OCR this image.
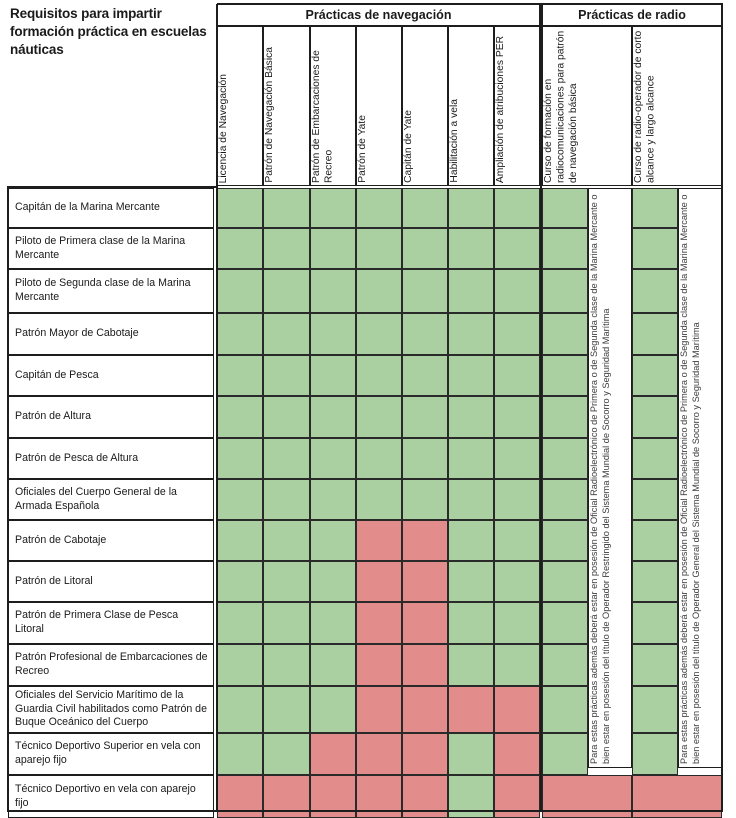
Requisitos para impartir formación práctica en escuelas náuticas
Prácticas de navegación	Prácticas de radio
Licencia de Navegación	Patrón de Navegación Básica	Patrón de Embarcaciones de Recreo	Patrón de Yate	Capitán de Yate	Habilitación a vela	Ampliación de atribuciones PER	Curso de formación en radiocomunicaciones para patrón de navegación básica	Curso de radio-operador de corto alcance y largo alcance
Capitán de la Marina Mercante
Piloto de Primera clase de la Marina Mercante
Piloto de Segunda clase de la Marina Mercante
Patrón Mayor de Cabotaje
Capitán de Pesca
Patrón de Altura
Patrón de Pesca de Altura
Oficiales del Cuerpo General de la Armada Española
Patrón de Cabotaje
Patrón de Litoral
Patrón de Primera Clase de Pesca Litoral
Patrón Profesional de Embarcaciones de Recreo
Oficiales del Servicio Marítimo de la Guardia Civil habilitados como Patrón de Buque Oceánico del Cuerpo
Técnico Deportivo Superior en vela con aparejo fijo
Técnico Deportivo en vela con aparejo fijo
Para estas prácticas además deberá estar en posesión de Oficial Radioelectrónico de Primera o de Segunda clase de la Marina Mercante o bien estar en posesión del título de Operador Restringido del Sistema Mundial de Socorro y Seguridad Marítima	Para estas prácticas además deberá estar en posesión de Oficial Radioelectrónico de Primera o de Segunda clase de la Marina Mercante o bien estar en posesión del título de Operador General del Sistema Mundial de Socorro y Seguridad Marítima
